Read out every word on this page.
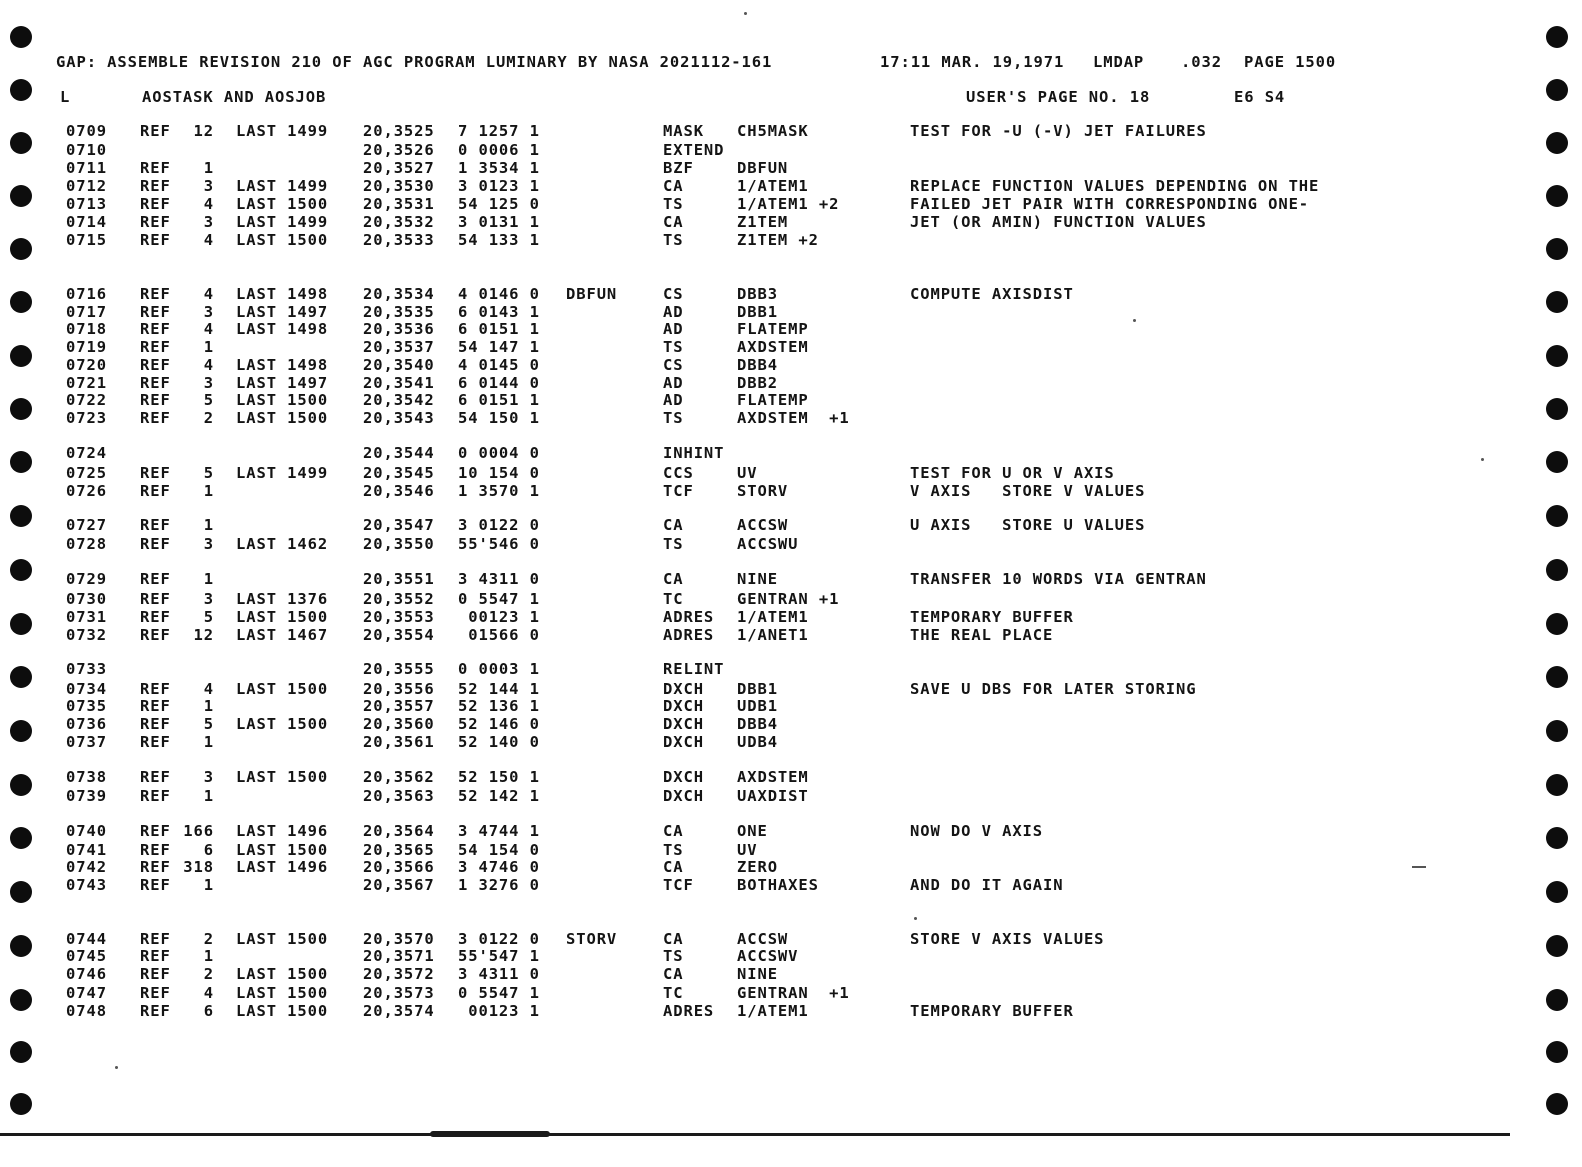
GAP: ASSEMBLE REVISION 210 OF AGC PROGRAM LUMINARY BY NASA 2021112-161	17:11 MAR. 19,1971 LMDAP .032 PAGE 1500
L	AOSTASK AND AOSJOB	USER'S PAGE NO. 18	E6 S4
0709 REF 12 LAST 1499 20,3525 7 1257 1	MASK CH5MASK	TEST FOR -U (-V) JET FAILURES
0710	20,3526 0 0006 1	EXTEND
0711 REF 1	20,3527 1 3534 1	BZF	DBFUN
0712 REF 3 LAST 1499 20,3530 3 0123 1	CA	1/ATEM1	REPLACE FUNCTION VALUES DEPENDING ON THE
0713 REF 4 LAST 1500 20,3531 54 125 0	TS	1/ATEM1 +2	FAILED JET PAIR WITH CORRESPONDING ONE-
0714 REF 3 LAST 1499 20,3532 3 0131 1	CA	Z1TEM	JET (OR AMIN) FUNCTION VALUES
0715 REF 4 LAST 1500 20,3533 54 133 1	TS	Z1TEM +2
0716 REF 4 LAST 1498 20,3534 4 0146 0 DBFUN	CS	DBB3	COMPUTE AXISDIST
0717 REF 3 LAST 1497 20,3535 6 0143 1	AD	DBB1
0718 REF 4 LAST 1498 20,3536 6 0151 1	AD	FLATEMP
0719 REF 1	20,3537 54 147 1	TS	AXDSTEM
0720 REF 4 LAST 1498 20,3540 4 0145 0	CS	DBB4
0721 REF 3 LAST 1497 20,3541 6 0144 0	AD	DBB2
0722 REF 5 LAST 1500 20,3542 6 0151 1	AD	FLATEMP
0723 REF 2 LAST 1500 20,3543 54 150 1	TS	AXDSTEM  +1
0724	20,3544 0 0004 0	INHINT
0725 REF 5 LAST 1499 20,3545 10 154 0	CCS	UV	TEST FOR U OR V AXIS
0726 REF 1	20,3546 1 3570 1	TCF	STORV	V AXIS   STORE V VALUES
0727 REF 1	20,3547 3 0122 0	CA	ACCSW	U AXIS   STORE U VALUES
0728 REF 3 LAST 1462 20,3550 55'546 0	TS	ACCSWU
0729 REF 1	20,3551 3 4311 0	CA	NINE	TRANSFER 10 WORDS VIA GENTRAN
0730 REF 3 LAST 1376 20,3552 0 5547 1	TC	GENTRAN +1
0731 REF 5 LAST 1500 20,3553 00123 1	ADRES 1/ATEM1	TEMPORARY BUFFER
0732 REF 12 LAST 1467 20,3554 01566 0	ADRES 1/ANET1	THE REAL PLACE
0733	20,3555 0 0003 1	RELINT
0734 REF 4 LAST 1500 20,3556 52 144 1	DXCH DBB1	SAVE U DBS FOR LATER STORING
0735 REF 1	20,3557 52 136 1	DXCH UDB1
0736 REF 5 LAST 1500 20,3560 52 146 0	DXCH DBB4
0737 REF 1	20,3561 52 140 0	DXCH UDB4
0738 REF 3 LAST 1500 20,3562 52 150 1	DXCH AXDSTEM
0739 REF 1	20,3563 52 142 1	DXCH UAXDIST
0740 REF 166 LAST 1496 20,3564 3 4744 1	CA	ONE	NOW DO V AXIS
0741 REF 6 LAST 1500 20,3565 54 154 0	TS	UV
0742 REF 318 LAST 1496 20,3566 3 4746 0	CA	ZERO
0743 REF 1	20,3567 1 3276 0	TCF	BOTHAXES	AND DO IT AGAIN
0744 REF 2 LAST 1500 20,3570 3 0122 0 STORV	CA	ACCSW	STORE V AXIS VALUES
0745 REF 1	20,3571 55'547 1	TS	ACCSWV
0746 REF 2 LAST 1500 20,3572 3 4311 0	CA	NINE
0747 REF 4 LAST 1500 20,3573 0 5547 1	TC	GENTRAN  +1
0748 REF 6 LAST 1500 20,3574 00123 1	ADRES 1/ATEM1	TEMPORARY BUFFER
